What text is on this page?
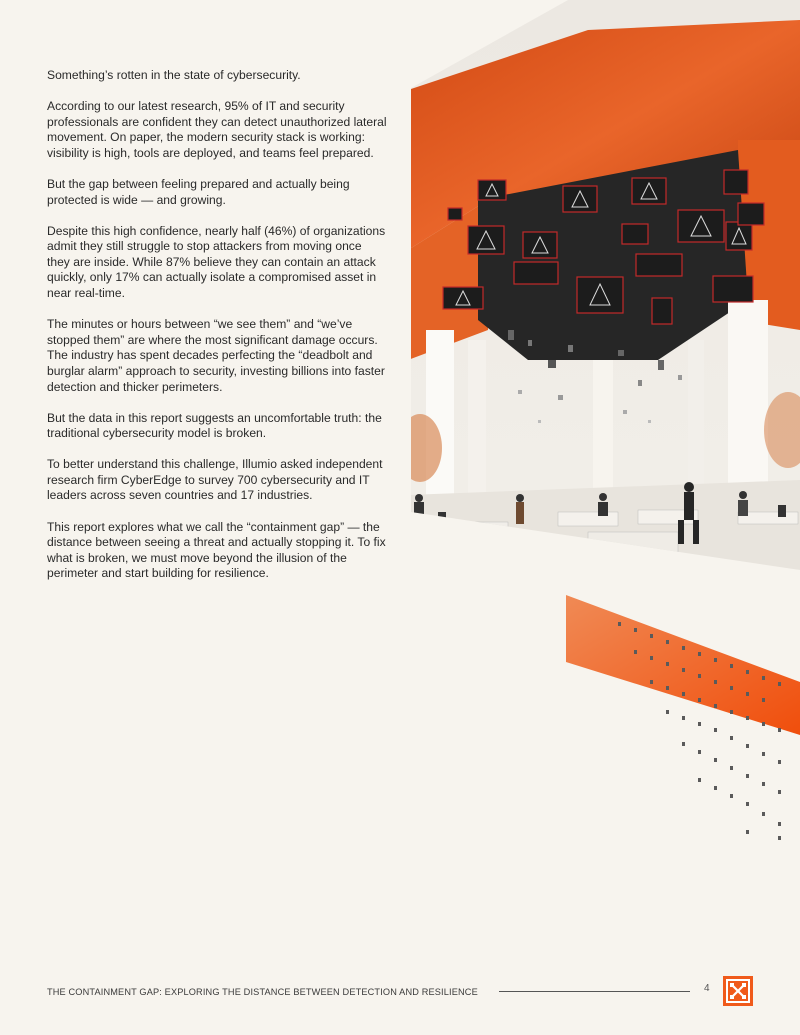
Something’s rotten in the state of cybersecurity.

According to our latest research, 95% of IT and security professionals are confident they can detect unauthorized lateral movement. On paper, the modern security stack is working: visibility is high, tools are deployed, and teams feel prepared.

But the gap between feeling prepared and actually being protected is wide — and growing.

Despite this high confidence, nearly half (46%) of organizations admit they still struggle to stop attackers from moving once they are inside. While 87% believe they can contain an attack quickly, only 17% can actually isolate a compromised asset in near real-time.

The minutes or hours between “we see them” and “we’ve stopped them” are where the most significant damage occurs. The industry has spent decades perfecting the “deadbolt and burglar alarm” approach to security, investing billions into faster detection and thicker perimeters.

But the data in this report suggests an uncomfortable truth: the traditional cybersecurity model is broken.

To better understand this challenge, Illumio asked independent research firm CyberEdge to survey 700 cybersecurity and IT leaders across seven countries and 17 industries.

This report explores what we call the “containment gap” — the distance between seeing a threat and actually stopping it. To fix what is broken, we must move beyond the illusion of the perimeter and start building for resilience.

THE CONTAINMENT GAP: EXPLORING THE DISTANCE BETWEEN DETECTION AND RESILIENCE	4
